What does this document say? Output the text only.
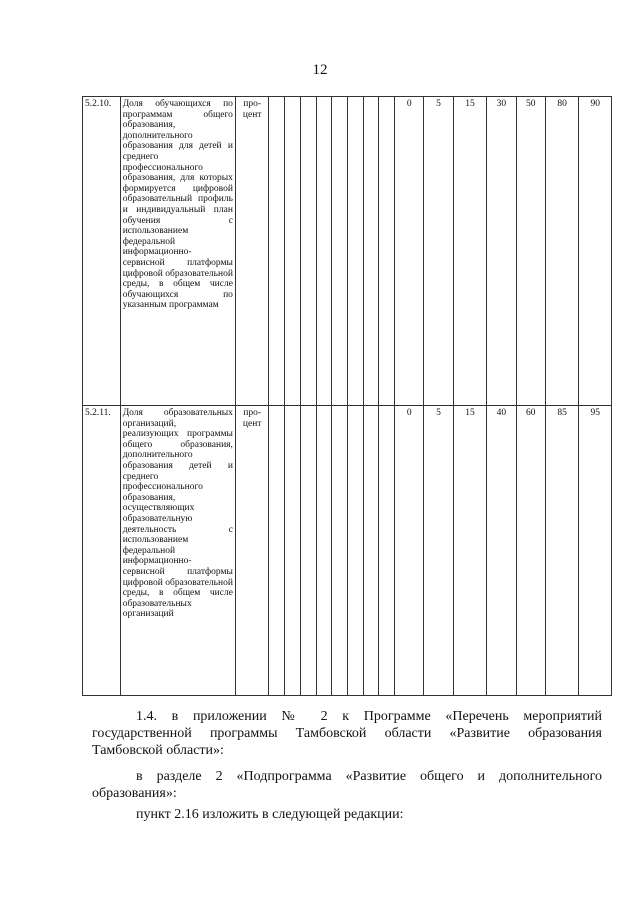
12
5.2.10.	Доля обучающихся по программам общего образования, дополнительного образования для детей и среднего профессионального образования, для которых формируется цифровой образовательный профиль и индивидуальный план обучения с использованием федеральной информационно-сервисной платформы цифровой образовательной среды, в общем числе обучающихся по указанным программам	про-цент									0	5	15	30	50	80	90
5.2.11.	Доля образовательных организаций, реализующих программы общего образования, дополнительного образования детей и среднего профессионального образования, осуществляющих образовательную деятельность с использованием федеральной информационно-сервисной платформы цифровой образовательной среды, в общем числе образовательных организаций	про-цент									0	5	15	40	60	85	95
1.4. в приложении № 2 к Программе «Перечень мероприятий государственной программы Тамбовской области «Развитие образования Тамбовской области»:
в разделе 2 «Подпрограмма «Развитие общего и дополнительного образования»:
пункт 2.16 изложить в следующей редакции:
